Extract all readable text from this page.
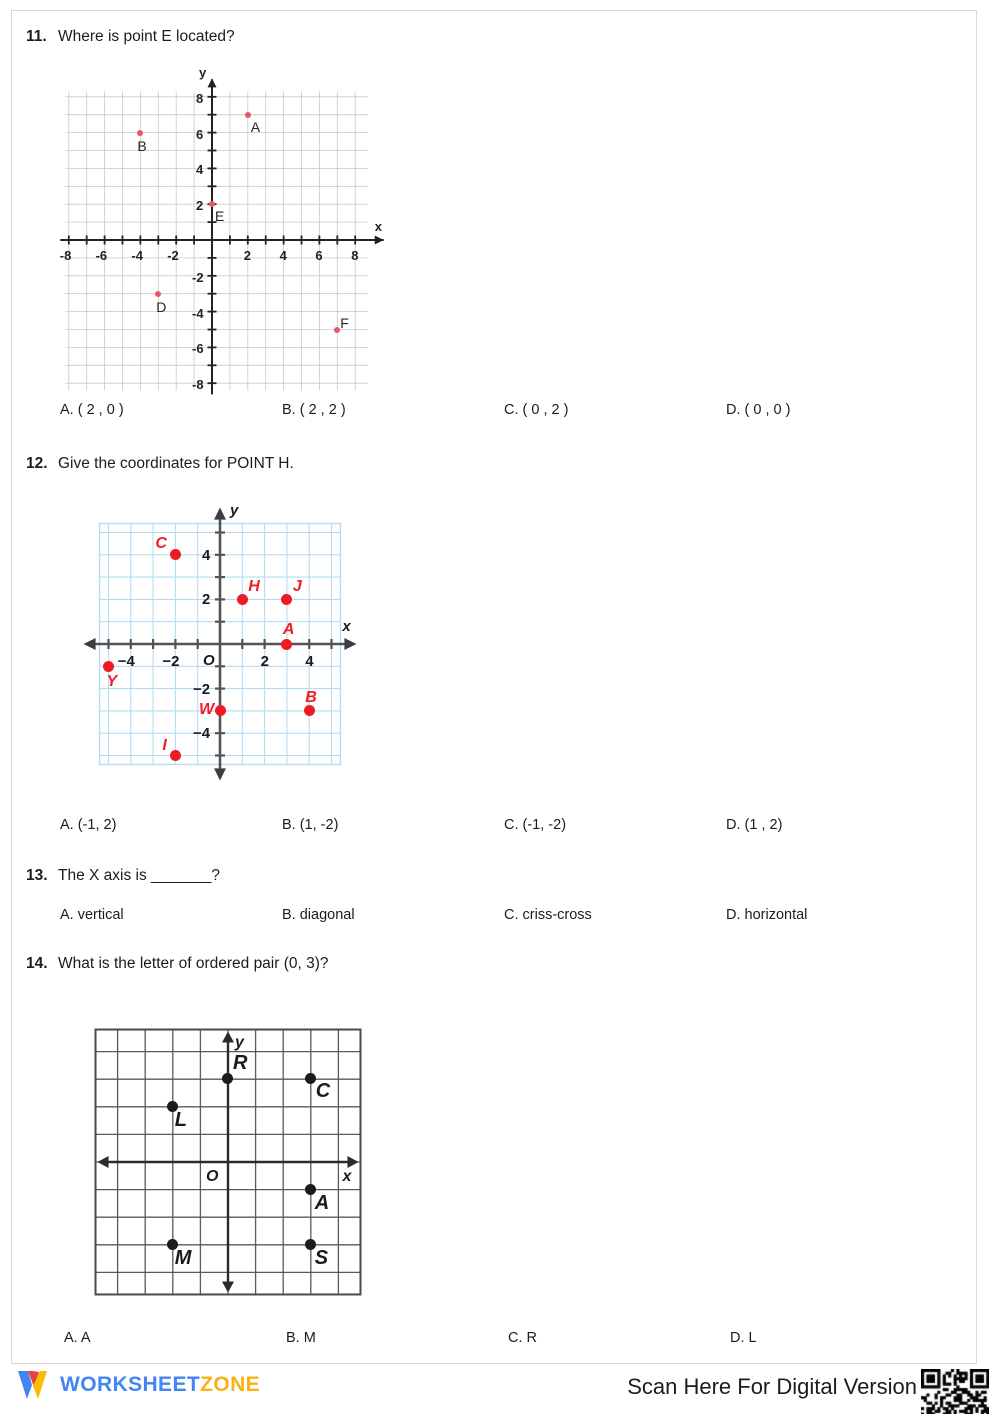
11. Where is point E located?
-8 -6 -4 -2	2 4 6 8
-8
-6
-4
-2
2
4
6
8
x
y
A
B
E
D
F
A. ( 2 , 0 )	B. ( 2 , 2 )	C. ( 0 , 2 )	D. ( 0 , 0 )
12. Give the coordinates for POINT H.
−4 −2	2 4
−4
−2
2
4
O
x
y
C
H J
A
Y
W
B
I
A. (-1, 2)	B. (1, -2)	C. (-1, -2)	D. (1 , 2)
13. The X axis is _______?
A. vertical	B. diagonal	C. criss-cross	D. horizontal
14. What is the letter of ordered pair (0, 3)?
O	x
y
R
C
L
A
M	S
A. A	B. M	C. R	D. L
WORKSHEETZONE	Scan Here For Digital Version
